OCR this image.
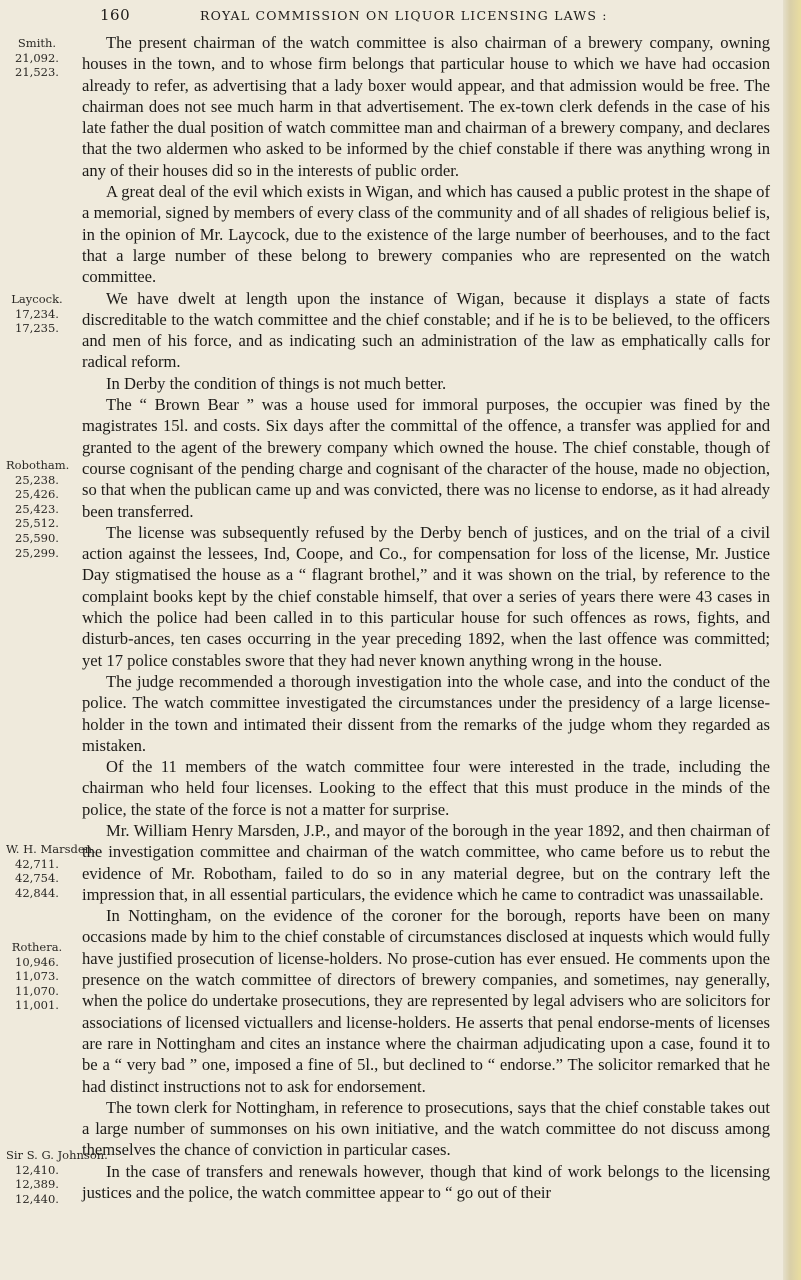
160	ROYAL COMMISSION ON LIQUOR LICENSING LAWS :
Smith.
21,092.
21,523.
Laycock.
17,234.
17,235.
Robotham.
25,238.
25,426.
25,423.
25,512.
25,590.
25,299.
W. H. Marsden.
42,711.
42,754.
42,844.
Rothera.
10,946.
11,073.
11,070.
11,001.
Sir S. G. Johnson.
12,410.
12,389.
12,440.

The present chairman of the watch committee is also chairman of a brewery company, owning houses in the town, and to whose firm belongs that particular house to which we have had occasion already to refer, as advertising that a lady boxer would appear, and that admission would be free. The chairman does not see much harm in that advertisement. The ex-town clerk defends in the case of his late father the dual position of watch committee man and chairman of a brewery company, and declares that the two aldermen who asked to be informed by the chief constable if there was anything wrong in any of their houses did so in the interests of public order.

A great deal of the evil which exists in Wigan, and which has caused a public protest in the shape of a memorial, signed by members of every class of the community and of all shades of religious belief is, in the opinion of Mr. Laycock, due to the existence of the large number of beerhouses, and to the fact that a large number of these belong to brewery companies who are represented on the watch committee.

We have dwelt at length upon the instance of Wigan, because it displays a state of facts discreditable to the watch committee and the chief constable; and if he is to be believed, to the officers and men of his force, and as indicating such an administration of the law as emphatically calls for radical reform.

In Derby the condition of things is not much better.

The “ Brown Bear ” was a house used for immoral purposes, the occupier was fined by the magistrates 15l. and costs. Six days after the committal of the offence, a transfer was applied for and granted to the agent of the brewery company which owned the house. The chief constable, though of course cognisant of the pending charge and cognisant of the character of the house, made no objection, so that when the publican came up and was convicted, there was no license to endorse, as it had already been transferred.

The license was subsequently refused by the Derby bench of justices, and on the trial of a civil action against the lessees, Ind, Coope, and Co., for compensation for loss of the license, Mr. Justice Day stigmatised the house as a “ flagrant brothel,” and it was shown on the trial, by reference to the complaint books kept by the chief constable himself, that over a series of years there were 43 cases in which the police had been called in to this particular house for such offences as rows, fights, and disturb-ances, ten cases occurring in the year preceding 1892, when the last offence was committed; yet 17 police constables swore that they had never known anything wrong in the house.

The judge recommended a thorough investigation into the whole case, and into the conduct of the police. The watch committee investigated the circumstances under the presidency of a large license-holder in the town and intimated their dissent from the remarks of the judge whom they regarded as mistaken.

Of the 11 members of the watch committee four were interested in the trade, including the chairman who held four licenses. Looking to the effect that this must produce in the minds of the police, the state of the force is not a matter for surprise.

Mr. William Henry Marsden, J.P., and mayor of the borough in the year 1892, and then chairman of the investigation committee and chairman of the watch committee, who came before us to rebut the evidence of Mr. Robotham, failed to do so in any material degree, but on the contrary left the impression that, in all essential particulars, the evidence which he came to contradict was unassailable.

In Nottingham, on the evidence of the coroner for the borough, reports have been on many occasions made by him to the chief constable of circumstances disclosed at inquests which would fully have justified prosecution of license-holders. No prose-cution has ever ensued. He comments upon the presence on the watch committee of directors of brewery companies, and sometimes, nay generally, when the police do undertake prosecutions, they are represented by legal advisers who are solicitors for associations of licensed victuallers and license-holders. He asserts that penal endorse-ments of licenses are rare in Nottingham and cites an instance where the chairman adjudicating upon a case, found it to be a “ very bad ” one, imposed a fine of 5l., but declined to “ endorse.” The solicitor remarked that he had distinct instructions not to ask for endorsement.

The town clerk for Nottingham, in reference to prosecutions, says that the chief constable takes out a large number of summonses on his own initiative, and the watch committee do not discuss among themselves the chance of conviction in particular cases.

In the case of transfers and renewals however, though that kind of work belongs to the licensing justices and the police, the watch committee appear to “ go out of their
